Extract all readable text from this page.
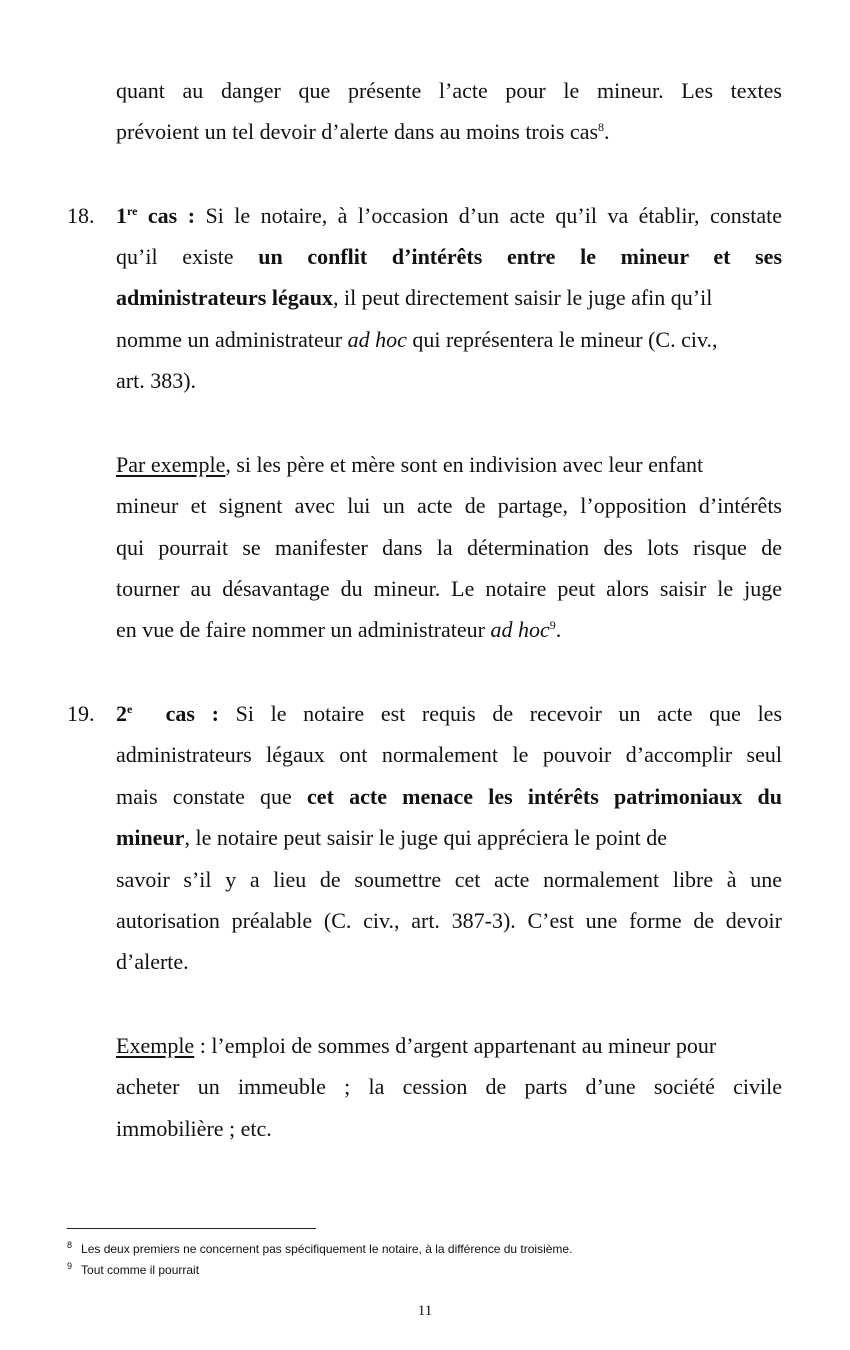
quant au danger que présente l’acte pour le mineur. Les textes
prévoient un tel devoir d’alerte dans au moins trois cas$^8$.
18. 1re cas : Si le notaire, à l’occasion d’un acte qu’il va établir, constate
qu’il existe un conflit d’intérêts entre le mineur et ses
administrateurs légaux, il peut directement saisir le juge afin qu’il
nomme un administrateur ad hoc qui représentera le mineur (C. civ.,
art. 383).
Par exemple, si les père et mère sont en indivision avec leur enfant
mineur et signent avec lui un acte de partage, l’opposition d’intérêts
qui pourrait se manifester dans la détermination des lots risque de
tourner au désavantage du mineur. Le notaire peut alors saisir le juge
en vue de faire nommer un administrateur ad hoc$^9$.
19. 2e cas : Si le notaire est requis de recevoir un acte que les
administrateurs légaux ont normalement le pouvoir d’accomplir seul
mais constate que cet acte menace les intérêts patrimoniaux du
mineur, le notaire peut saisir le juge qui appréciera le point de
savoir s’il y a lieu de soumettre cet acte normalement libre à une
autorisation préalable (C. civ., art. 387-3). C’est une forme de devoir
d’alerte.
Exemple : l’emploi de sommes d’argent appartenant au mineur pour
acheter un immeuble ; la cession de parts d’une société civile
immobilière ; etc.
$^8$ Les deux premiers ne concernent pas spécifiquement le notaire, à la différence du troisième.
$^9$ Tout comme il pourrait
11
